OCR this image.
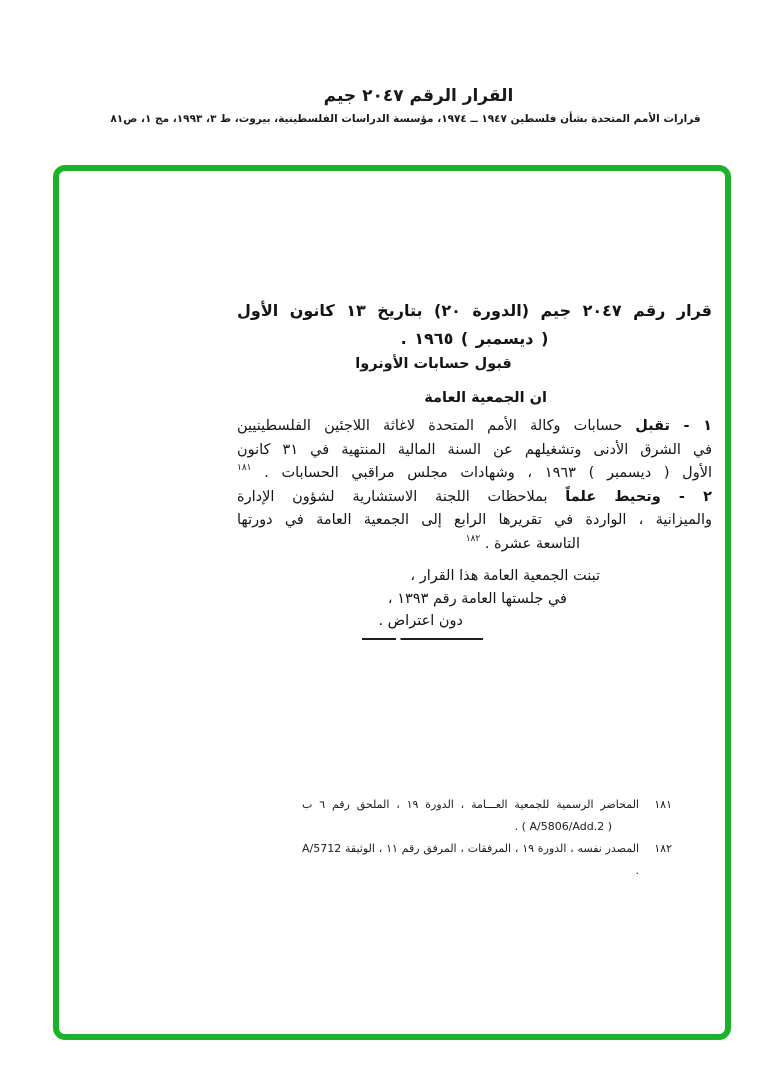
القرار الرقم ٢٠٤٧ جيم
قرارات الأمم المتحدة بشأن فلسطين ١٩٤٧ ــ ١٩٧٤، مؤسسة الدراسات الفلسطينية، بيروت، ط ٣، ١٩٩٣، مج ١، ص٨١
قرار رقم ٢٠٤٧ جيم (الدورة ٢٠) بتاريخ ١٣ كانون الأول
( ديسمبر ) ١٩٦٥ .
قبول حسابات الأونروا
ان الجمعية العامة
١ - تقبل حسابات وكالة الأمم المتحدة لاغاثة اللاجئين الفلسطينيين
في الشرق الأدنى وتشغيلهم عن السنة المالية المنتهية في ٣١ كانون
الأول ( ديسمبر ) ١٩٦٣ ، وشهادات مجلس مراقبي الحسابات . $^{١٨١}$
٢ - وتحيط علماً بملاحظات اللجنة الاستشارية لشؤون الإدارة
والميزانية ، الواردة في تقريرها الرابع إلى الجمعية العامة في دورتها
التاسعة عشرة . $^{١٨٢}$
تبنت الجمعية العامة هذا القرار ،
في جلستها العامة رقم ١٣٩٣ ،
دون اعتراض .
١٨١
المحاضر الرسمية للجمعية العـــامة ، الدورة ١٩ ، الملحق رقم ٦ ب
( A/5806/Add.2 ) .
١٨٢
المصدر نفسه ، الدورة ١٩ ، المرفقات ، المرفق رقم ١١ ، الوثيقة A/5712 .
